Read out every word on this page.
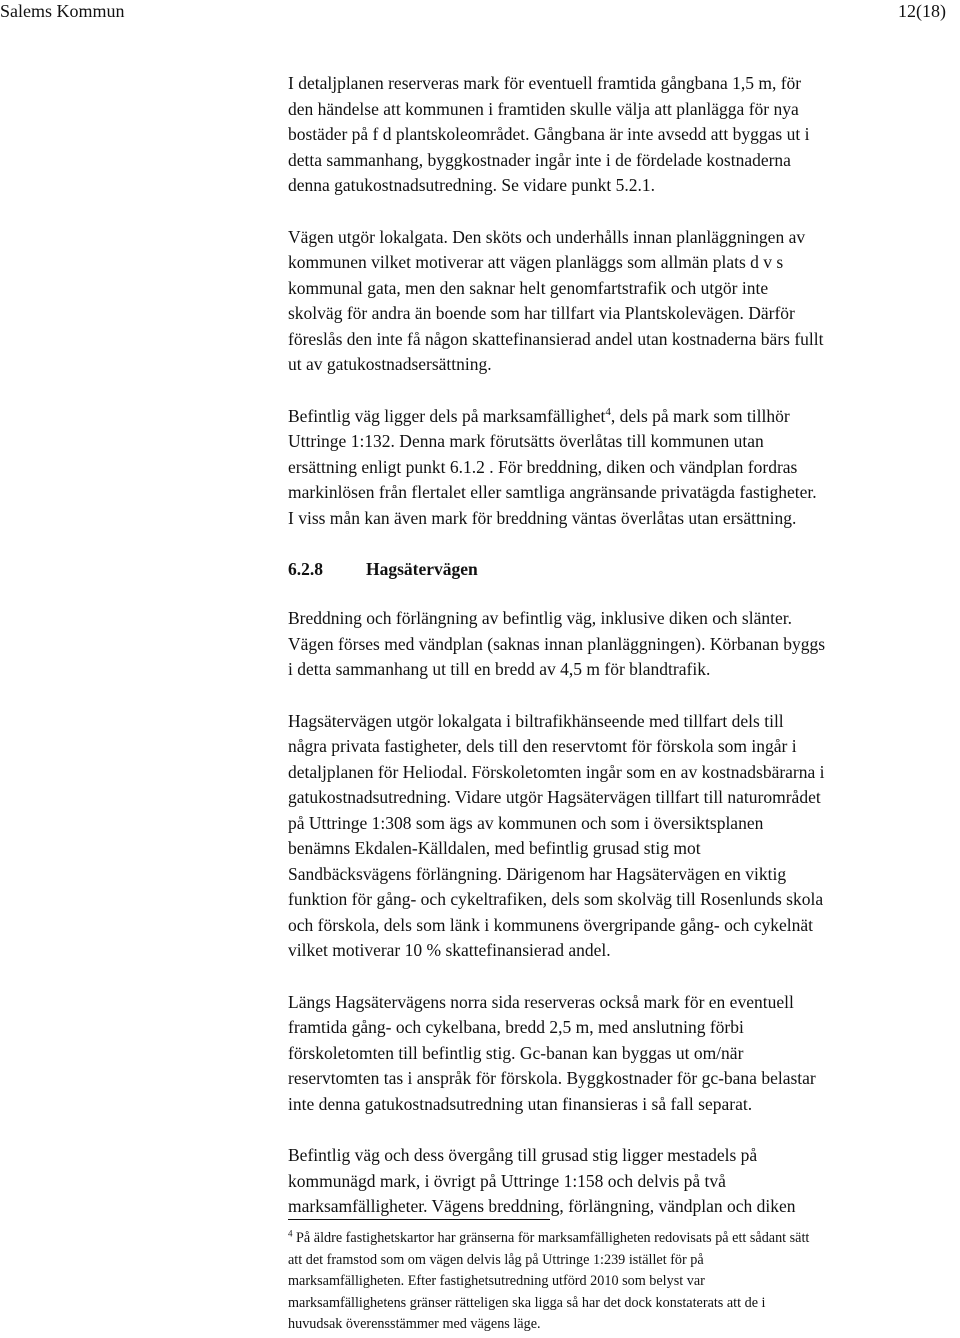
Salems Kommun	12(18)

I detaljplanen reserveras mark för eventuell framtida gångbana 1,5 m, för
den händelse att kommunen i framtiden skulle välja att planlägga för nya
bostäder på f d plantskoleområdet. Gångbana är inte avsedd att byggas ut i
detta sammanhang, byggkostnader ingår inte i de fördelade kostnaderna
denna gatukostnadsutredning. Se vidare punkt 5.2.1.

Vägen utgör lokalgata. Den sköts och underhålls innan planläggningen av
kommunen vilket motiverar att vägen planläggs som allmän plats d v s
kommunal gata, men den saknar helt genomfartstrafik och utgör inte
skolväg för andra än boende som har tillfart via Plantskolevägen. Därför
föreslås den inte få någon skattefinansierad andel utan kostnaderna bärs fullt
ut av gatukostnadsersättning.

Befintlig väg ligger dels på marksamfällighet$^4$, dels på mark som tillhör
Uttringe 1:132. Denna mark förutsätts överlåtas till kommunen utan
ersättning enligt punkt 6.1.2 . För breddning, diken och vändplan fordras
markinlösen från flertalet eller samtliga angränsande privatägda fastigheter.
I viss mån kan även mark för breddning väntas överlåtas utan ersättning.

6.2.8 Hagsätervägen

Breddning och förlängning av befintlig väg, inklusive diken och slänter.
Vägen förses med vändplan (saknas innan planläggningen). Körbanan byggs
i detta sammanhang ut till en bredd av 4,5 m för blandtrafik.

Hagsätervägen utgör lokalgata i biltrafikhänseende med tillfart dels till
några privata fastigheter, dels till den reservtomt för förskola som ingår i
detaljplanen för Heliodal. Förskoletomten ingår som en av kostnadsbärarna i
gatukostnadsutredning. Vidare utgör Hagsätervägen tillfart till naturområdet
på Uttringe 1:308 som ägs av kommunen och som i översiktsplanen
benämns Ekdalen-Källdalen, med befintlig grusad stig mot
Sandbäcksvägens förlängning. Därigenom har Hagsätervägen en viktig
funktion för gång- och cykeltrafiken, dels som skolväg till Rosenlunds skola
och förskola, dels som länk i kommunens övergripande gång- och cykelnät
vilket motiverar 10 % skattefinansierad andel.

Längs Hagsätervägens norra sida reserveras också mark för en eventuell
framtida gång- och cykelbana, bredd 2,5 m, med anslutning förbi
förskoletomten till befintlig stig. Gc-banan kan byggas ut om/när
reservtomten tas i anspråk för förskola. Byggkostnader för gc-bana belastar
inte denna gatukostnadsutredning utan finansieras i så fall separat.

Befintlig väg och dess övergång till grusad stig ligger mestadels på
kommunägd mark, i övrigt på Uttringe 1:158 och delvis på två
marksamfälligheter. Vägens breddning, förlängning, vändplan och diken

$^4$ På äldre fastighetskartor har gränserna för marksamfälligheten redovisats på ett sådant sätt
att det framstod som om vägen delvis låg på Uttringe 1:239 istället för på
marksamfälligheten. Efter fastighetsutredning utförd 2010 som belyst var
marksamfällighetens gränser rätteligen ska ligga så har det dock konstaterats att de i
huvudsak överensstämmer med vägens läge.
